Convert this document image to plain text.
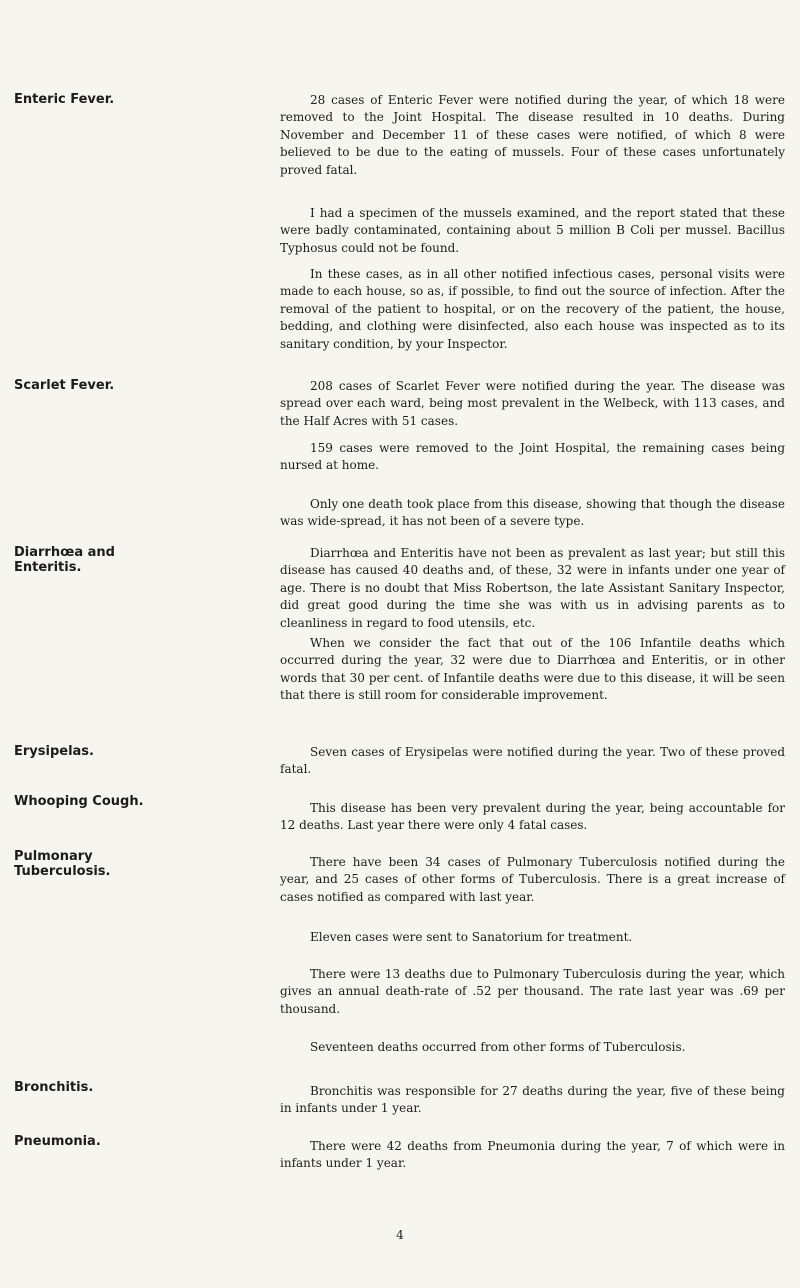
Enteric Fever.	28 cases of Enteric Fever were notified during the year, of which 18 were removed to the Joint Hospital. The disease resulted in 10 deaths. During November and December 11 of these cases were notified, of which 8 were believed to be due to the eating of mussels. Four of these cases unfortunately proved fatal.

I had a specimen of the mussels examined, and the report stated that these were badly contaminated, containing about 5 million B Coli per mussel. Bacillus Typhosus could not be found.

In these cases, as in all other notified infectious cases, personal visits were made to each house, so as, if possible, to find out the source of infection. After the removal of the patient to hospital, or on the recovery of the patient, the house, bedding, and clothing were disinfected, also each house was inspected as to its sanitary condition, by your Inspector.

Scarlet Fever.	208 cases of Scarlet Fever were notified during the year. The disease was spread over each ward, being most prevalent in the Welbeck, with 113 cases, and the Half Acres with 51 cases.

159 cases were removed to the Joint Hospital, the remaining cases being nursed at home.

Only one death took place from this disease, showing that though the disease was wide-spread, it has not been of a severe type.

Diarrhœa and Enteritis.

Diarrhœa and Enteritis have not been as prevalent as last year; but still this disease has caused 40 deaths and, of these, 32 were in infants under one year of age. There is no doubt that Miss Robertson, the late Assistant Sanitary Inspector, did great good during the time she was with us in advising parents as to cleanliness in regard to food utensils, etc.

When we consider the fact that out of the 106 Infantile deaths which occurred during the year, 32 were due to Diarrhœa and Enteritis, or in other words that 30 per cent. of Infantile deaths were due to this disease, it will be seen that there is still room for considerable improvement.

Erysipelas.	Seven cases of Erysipelas were notified during the year. Two of these proved fatal.

Whooping Cough.	This disease has been very prevalent during the year, being accountable for 12 deaths. Last year there were only 4 fatal cases.

Pulmonary Tuberculosis.

There have been 34 cases of Pulmonary Tuberculosis notified during the year, and 25 cases of other forms of Tuberculosis. There is a great increase of cases notified as compared with last year.

Eleven cases were sent to Sanatorium for treatment.

There were 13 deaths due to Pulmonary Tuberculosis during the year, which gives an annual death-rate of .52 per thousand. The rate last year was .69 per thousand.

Seventeen deaths occurred from other forms of Tuberculosis.

Bronchitis.	Bronchitis was responsible for 27 deaths during the year, five of these being in infants under 1 year.

Pneumonia.	There were 42 deaths from Pneumonia during the year, 7 of which were in infants under 1 year.

4
